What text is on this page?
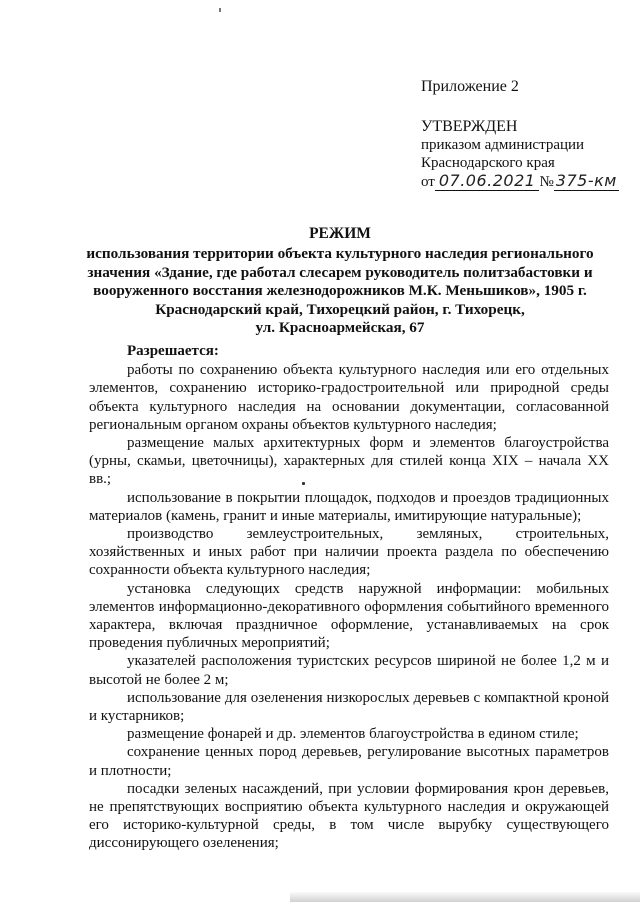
Приложение 2
УТВЕРЖДЕН
приказом администрации
Краснодарского края
от 07.06.2021 № 375-км
РЕЖИМ
использования территории объекта культурного наследия регионального
значения «Здание, где работал слесарем руководитель политзабастовки и
вооруженного восстания железнодорожников М.К. Меньшиков», 1905 г.
Краснодарский край, Тихорецкий район, г. Тихорецк,
ул. Красноармейская, 67
Разрешается:

работы по сохранению объекта культурного наследия или его отдельных элементов, сохранению историко-градостроительной или природной среды объекта культурного наследия на основании документации, согласованной региональным органом охраны объектов культурного наследия;

размещение малых архитектурных форм и элементов благоустройства (урны, скамьи, цветочницы), характерных для стилей конца XIX – начала XX вв.;

использование в покрытии площадок, подходов и проездов традиционных материалов (камень, гранит и иные материалы, имитирующие натуральные);

производство землеустроительных, земляных, строительных, хозяйственных и иных работ при наличии проекта раздела по обеспечению сохранности объекта культурного наследия;

установка следующих средств наружной информации: мобильных элементов информационно-декоративного оформления событийного временного характера, включая праздничное оформление, устанавливаемых на срок проведения публичных мероприятий;

указателей расположения туристских ресурсов шириной не более 1,2 м и высотой не более 2 м;

использование для озеленения низкорослых деревьев с компактной кроной и кустарников;

размещение фонарей и др. элементов благоустройства в едином стиле;

сохранение ценных пород деревьев, регулирование высотных параметров и плотности;

посадки зеленых насаждений, при условии формирования крон деревьев, не препятствующих восприятию объекта культурного наследия и окружающей его историко-культурной среды, в том числе вырубку существующего диссонирующего озеленения;
